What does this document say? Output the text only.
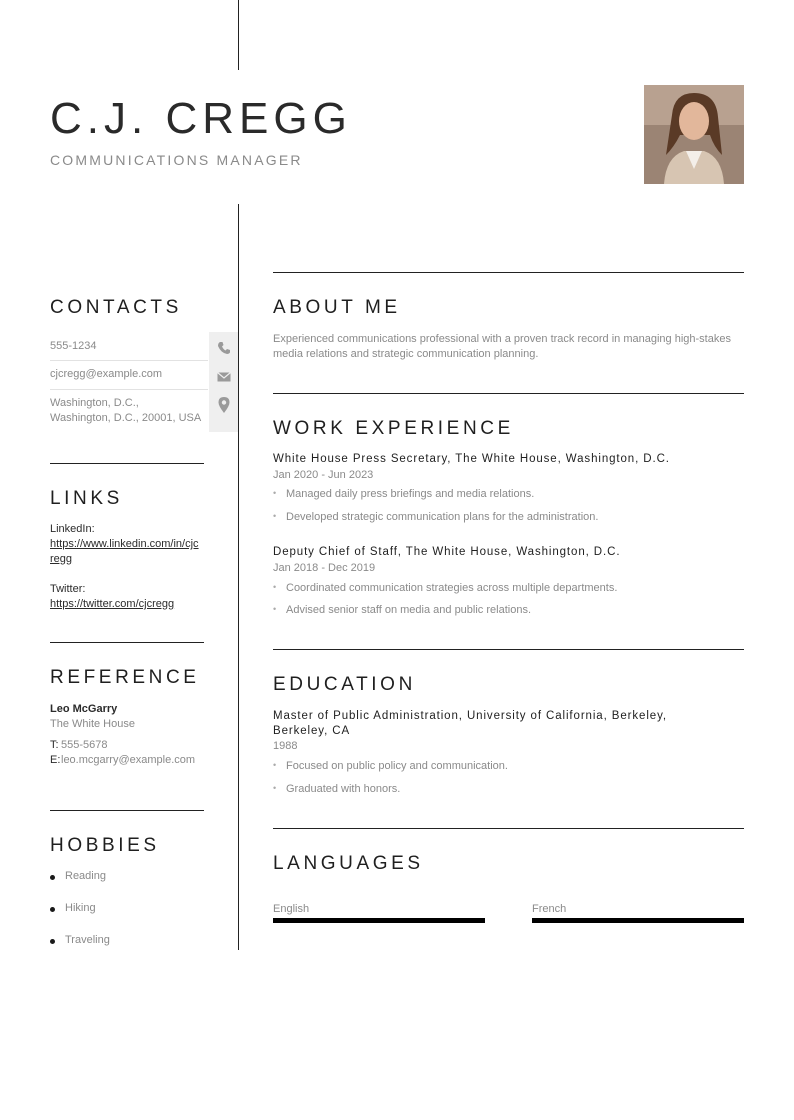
C.J. CREGG
COMMUNICATIONS MANAGER
CONTACTS
555-1234
cjcregg@example.com
Washington, D.C.,
Washington, D.C., 20001, USA
LINKS
LinkedIn:
https://www.linkedin.com/in/cjcregg
Twitter:
https://twitter.com/cjcregg
REFERENCE
Leo McGarry
The White House
T: 555-5678
E: leo.mcgarry@example.com
HOBBIES
Reading
Hiking
Traveling
ABOUT ME
Experienced communications professional with a proven track record in managing high-stakes media relations and strategic communication planning.
WORK EXPERIENCE
White House Press Secretary, The White House, Washington, D.C.
Jan 2020 - Jun 2023
• Managed daily press briefings and media relations.
• Developed strategic communication plans for the administration.
Deputy Chief of Staff, The White House, Washington, D.C.
Jan 2018 - Dec 2019
• Coordinated communication strategies across multiple departments.
• Advised senior staff on media and public relations.
EDUCATION
Master of Public Administration, University of California, Berkeley, Berkeley, CA
1988
• Focused on public policy and communication.
• Graduated with honors.
LANGUAGES
English	French
